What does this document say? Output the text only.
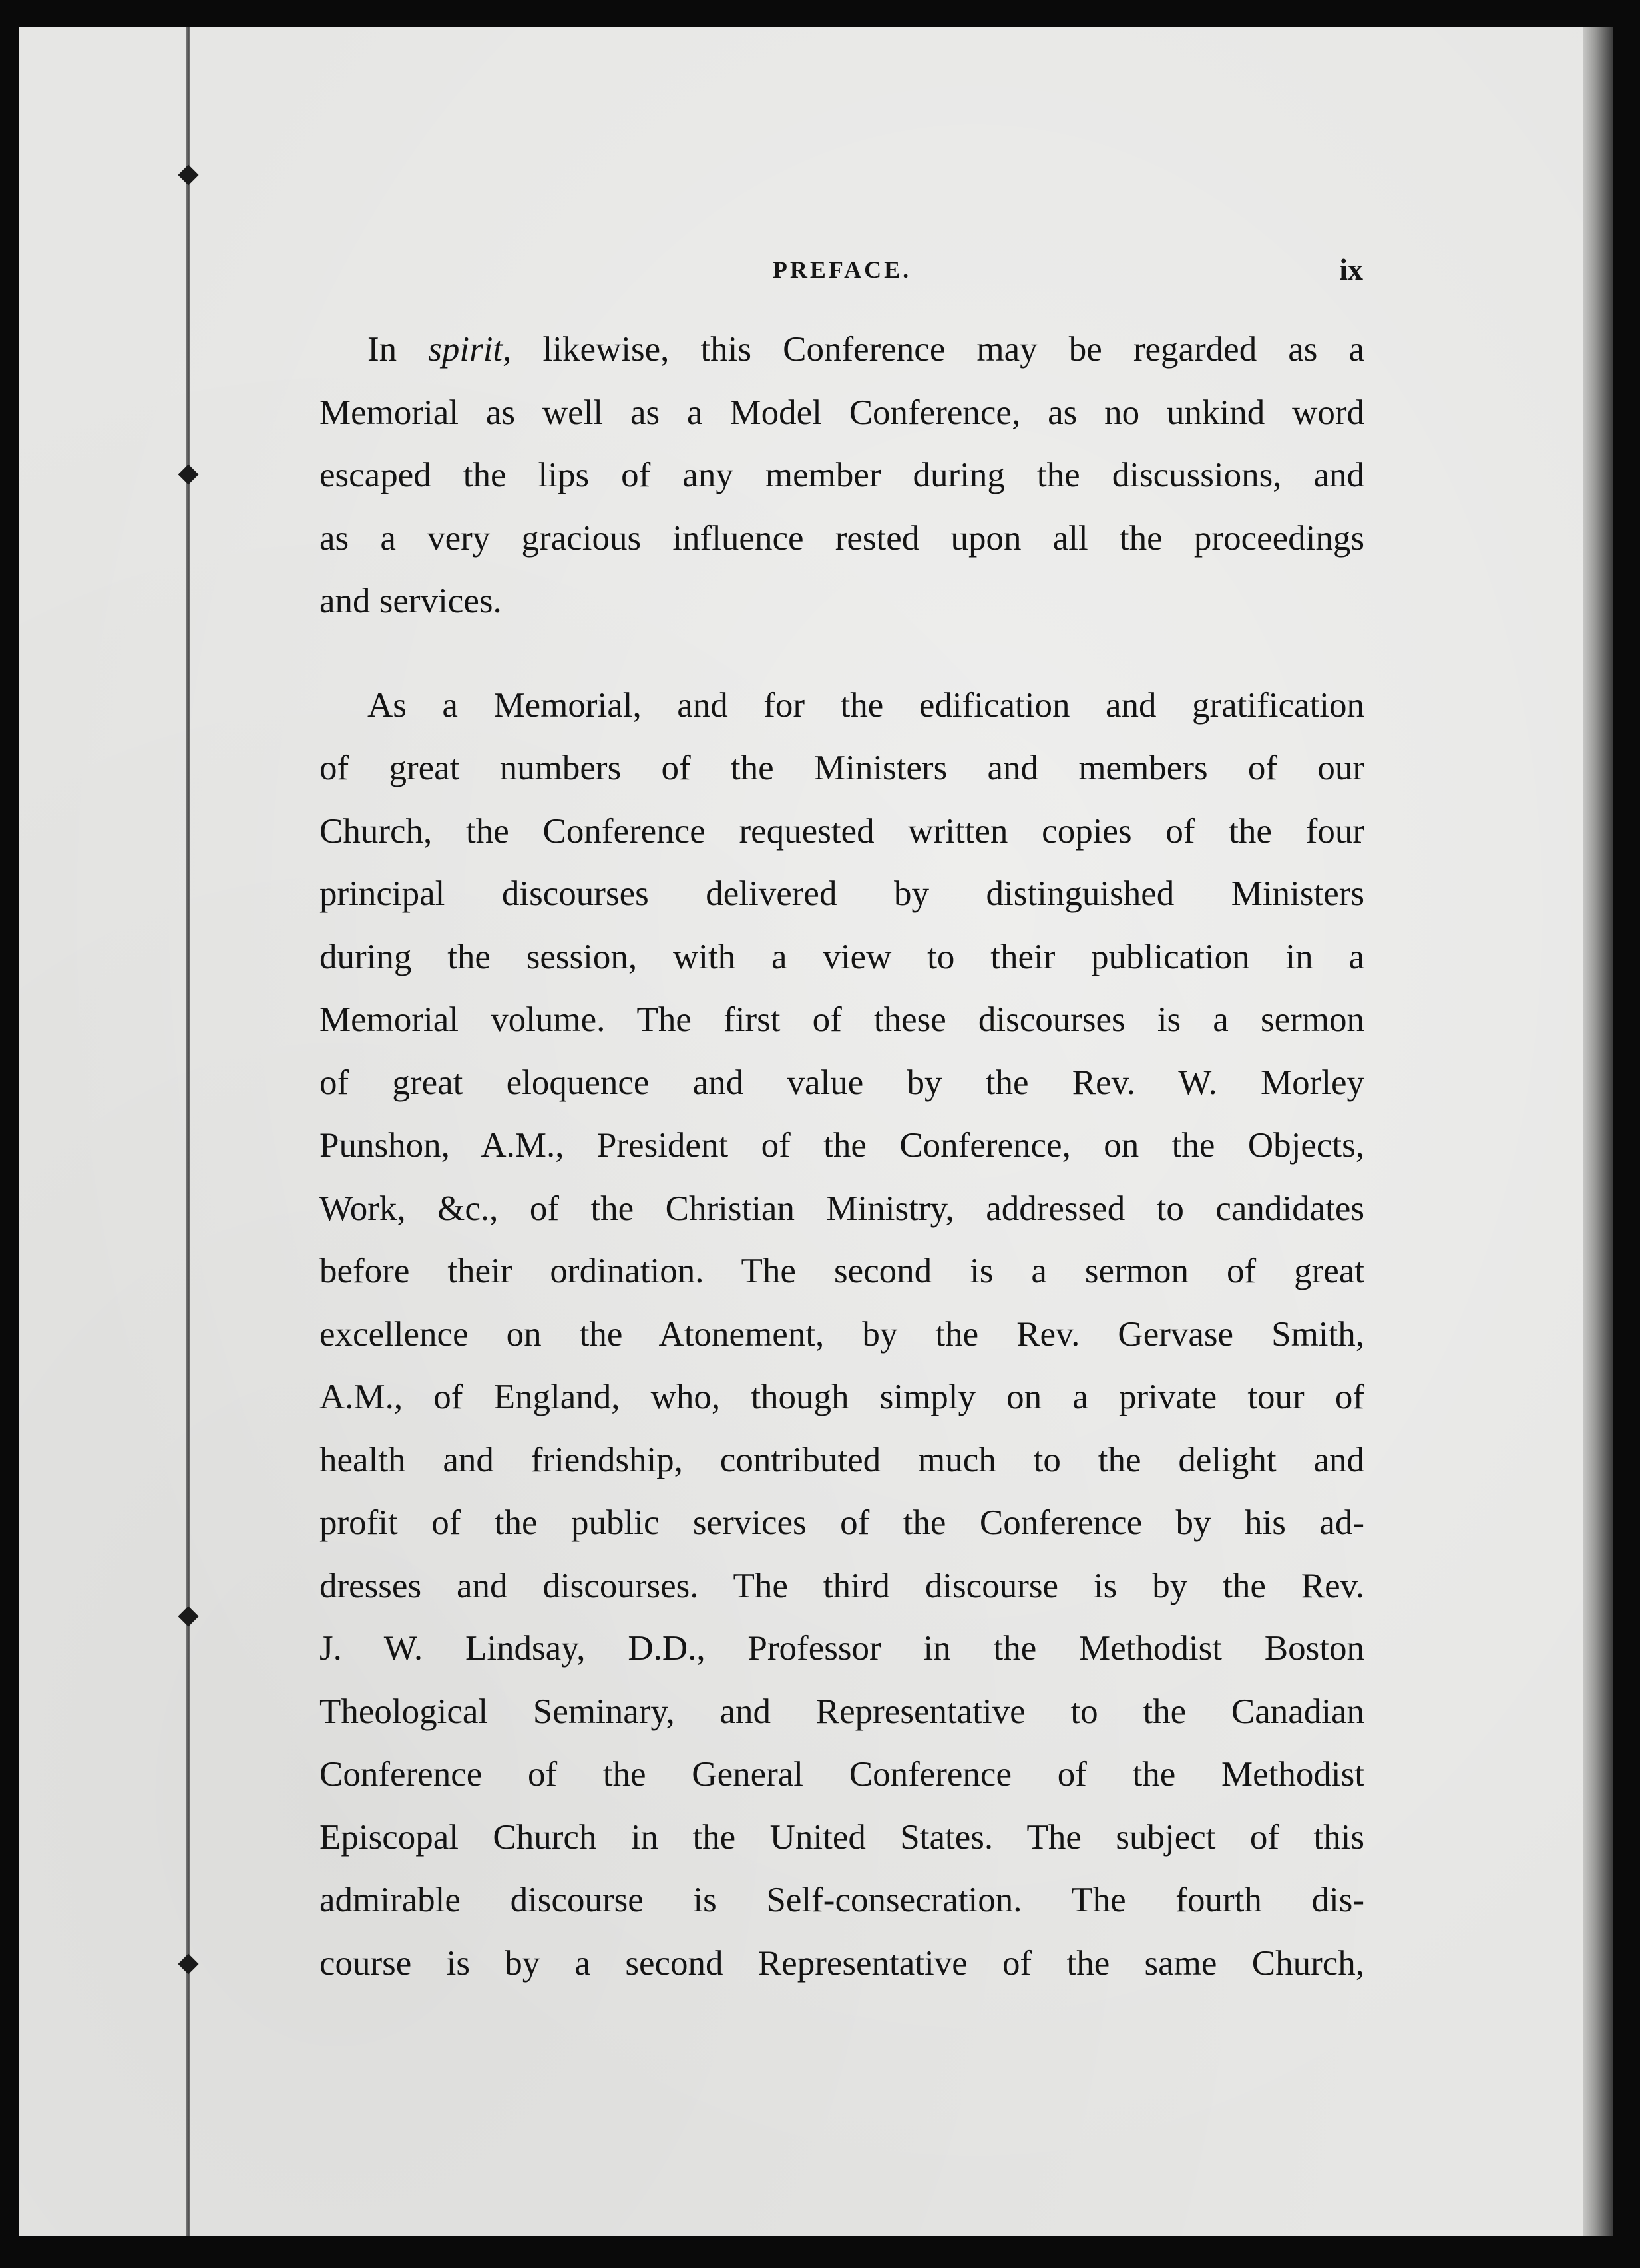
PREFACE.	ix
In spirit, likewise, this Conference may be regarded as a
Memorial as well as a Model Conference, as no unkind word
escaped the lips of any member during the discussions, and
as a very gracious influence rested upon all the proceedings
and services.
As a Memorial, and for the edification and gratification
of great numbers of the Ministers and members of our
Church, the Conference requested written copies of the four
principal discourses delivered by distinguished Ministers
during the session, with a view to their publication in a
Memorial volume. The first of these discourses is a sermon
of great eloquence and value by the Rev. W. Morley
Punshon, A.M., President of the Conference, on the Objects,
Work, &c., of the Christian Ministry, addressed to candidates
before their ordination. The second is a sermon of great
excellence on the Atonement, by the Rev. Gervase Smith,
A.M., of England, who, though simply on a private tour of
health and friendship, contributed much to the delight and
profit of the public services of the Conference by his ad-
dresses and discourses. The third discourse is by the Rev.
J. W. Lindsay, D.D., Professor in the Methodist Boston
Theological Seminary, and Representative to the Canadian
Conference of the General Conference of the Methodist
Episcopal Church in the United States. The subject of this
admirable discourse is Self-consecration. The fourth dis-
course is by a second Representative of the same Church,
